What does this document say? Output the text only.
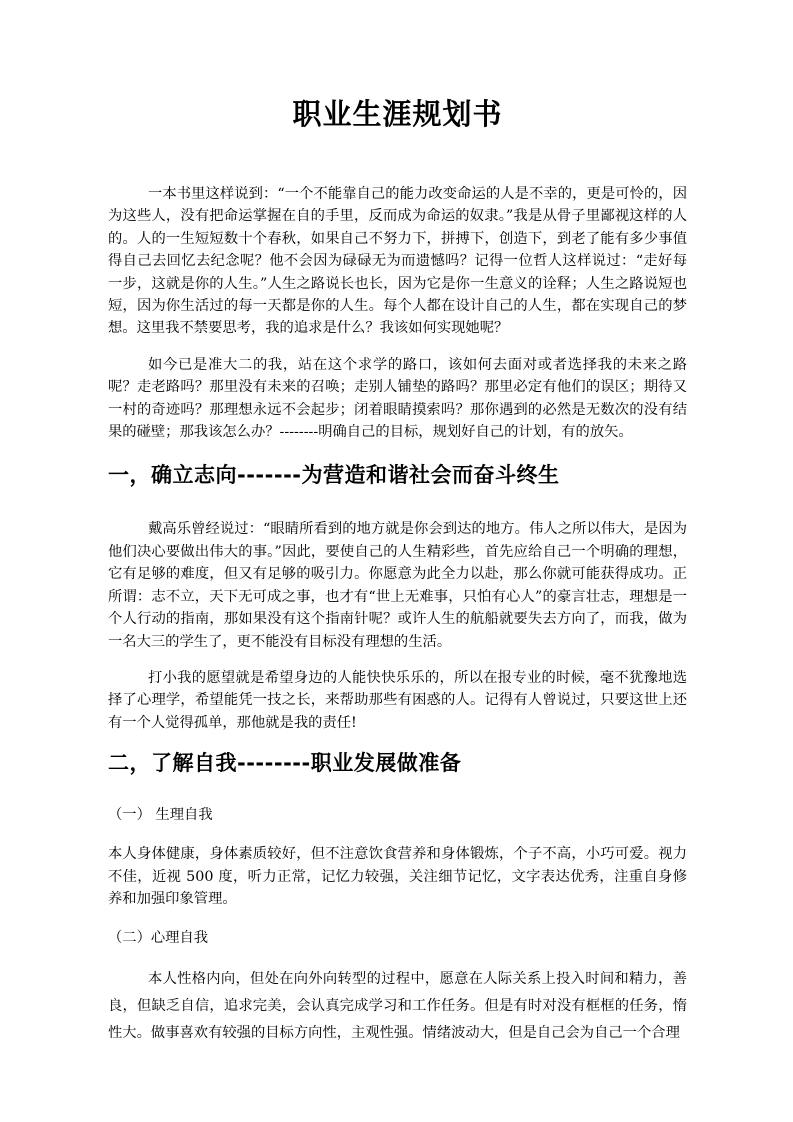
职业生涯规划书

一本书里这样说到：“一个不能靠自己的能力改变命运的人是不幸的，更是可怜的，因为这些人，没有把命运掌握在自的手里，反而成为命运的奴隶。”我是从骨子里鄙视这样的人的。人的一生短短数十个春秋，如果自己不努力下，拼搏下，创造下，到老了能有多少事值得自己去回忆去纪念呢？他不会因为碌碌无为而遗憾吗？记得一位哲人这样说过：“走好每一步，这就是你的人生。”人生之路说长也长，因为它是你一生意义的诠释；人生之路说短也短，因为你生活过的每一天都是你的人生。每个人都在设计自己的人生，都在实现自己的梦想。这里我不禁要思考，我的追求是什么？我该如何实现她呢？

如今已是准大二的我，站在这个求学的路口，该如何去面对或者选择我的未来之路呢？走老路吗？那里没有未来的召唤；走别人铺垫的路吗？那里必定有他们的误区；期待又一村的奇迹吗？那理想永远不会起步；闭着眼睛摸索吗？那你遇到的必然是无数次的没有结果的碰壁；那我该怎么办？--------明确自己的目标，规划好自己的计划，有的放矢。

一，确立志向-------为营造和谐社会而奋斗终生

戴高乐曾经说过：“眼睛所看到的地方就是你会到达的地方。伟人之所以伟大，是因为他们决心要做出伟大的事。”因此，要使自己的人生精彩些，首先应给自己一个明确的理想，它有足够的难度，但又有足够的吸引力。你愿意为此全力以赴，那么你就可能获得成功。正所谓：志不立，天下无可成之事，也才有“世上无难事，只怕有心人”的豪言壮志，理想是一个人行动的指南，那如果没有这个指南针呢？或许人生的航船就要失去方向了，而我，做为一名大三的学生了，更不能没有目标没有理想的生活。

打小我的愿望就是希望身边的人能快快乐乐的，所以在报专业的时候，毫不犹豫地选择了心理学，希望能凭一技之长，来帮助那些有困惑的人。记得有人曾说过，只要这世上还有一个人觉得孤单，那他就是我的责任!

二，了解自我--------职业发展做准备
（一） 生理自我

本人身体健康，身体素质较好，但不注意饮食营养和身体锻炼，个子不高，小巧可爱。视力不佳，近视 500 度，听力正常，记忆力较强，关注细节记忆，文字表达优秀，注重自身修养和加强印象管理。

（二）心理自我

本人性格内向，但处在向外向转型的过程中，愿意在人际关系上投入时间和精力，善良，但缺乏自信，追求完美，会认真完成学习和工作任务。但是有时对没有框框的任务，惰性大。做事喜欢有较强的目标方向性，主观性强。情绪波动大，但是自己会为自己一个合理
